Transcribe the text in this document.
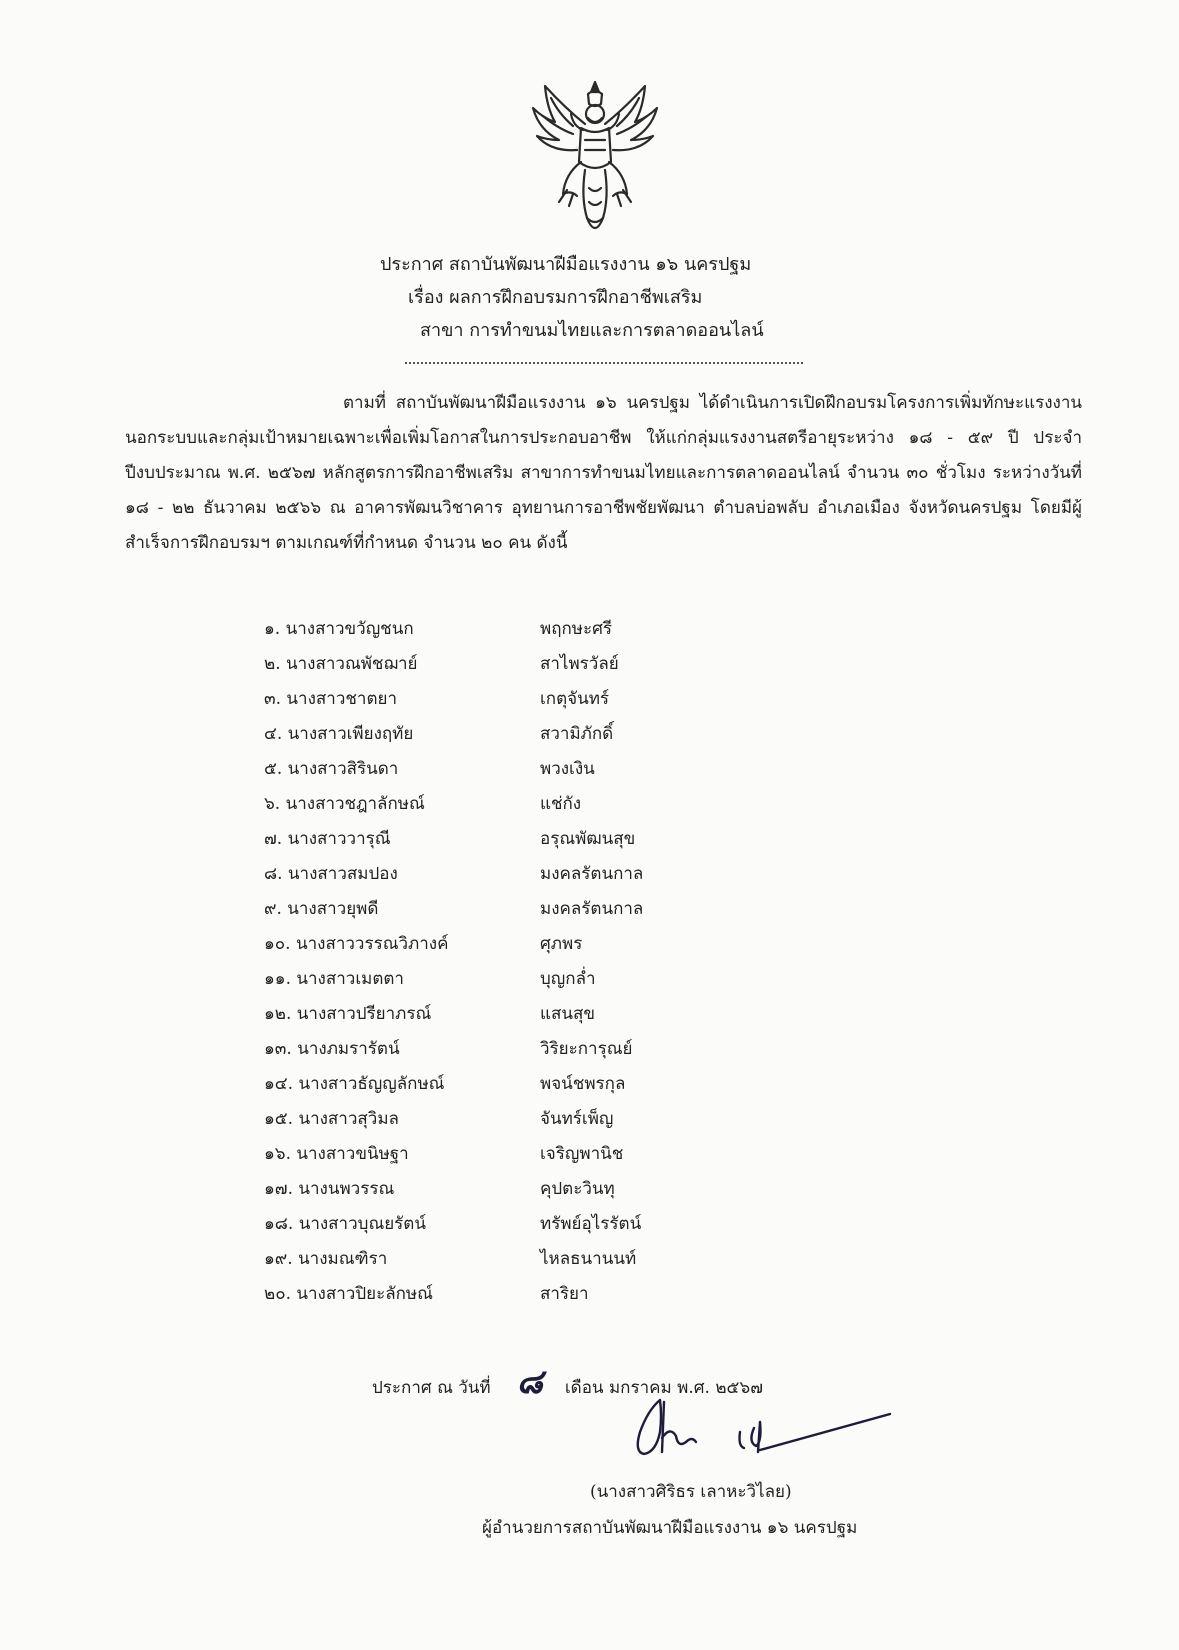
ประกาศ สถาบันพัฒนาฝีมือแรงงาน ๑๖ นครปฐม
เรื่อง ผลการฝึกอบรมการฝึกอาชีพเสริม
สาขา การทำขนมไทยและการตลาดออนไลน์
ตามที่ สถาบันพัฒนาฝีมือแรงงาน ๑๖ นครปฐม ได้ดำเนินการเปิดฝึกอบรมโครงการเพิ่มทักษะแรงงานนอกระบบและกลุ่มเป้าหมายเฉพาะเพื่อเพิ่มโอกาสในการประกอบอาชีพ ให้แก่กลุ่มแรงงานสตรีอายุระหว่าง ๑๘ - ๕๙ ปี ประจำปีงบประมาณ พ.ศ. ๒๕๖๗ หลักสูตรการฝึกอาชีพเสริม สาขาการทำขนมไทยและการตลาดออนไลน์ จำนวน ๓๐ ชั่วโมง ระหว่างวันที่ ๑๘ - ๒๒ ธันวาคม ๒๕๖๖ ณ อาคารพัฒนวิชาคาร อุทยานการอาชีพชัยพัฒนา ตำบลบ่อพลับ อำเภอเมือง จังหวัดนครปฐม โดยมีผู้สำเร็จการฝึกอบรมฯ ตามเกณฑ์ที่กำหนด จำนวน ๒๐ คน ดังนี้
๑. นางสาวขวัญชนก	พฤกษะศรี
๒. นางสาวณพัชฌาย์	สาไพรวัลย์
๓. นางสาวชาตยา	เกตุจันทร์
๔. นางสาวเพียงฤทัย	สวามิภักดิ์
๕. นางสาวสิรินดา	พวงเงิน
๖. นางสาวชฎาลักษณ์	แช่กัง
๗. นางสาววารุณี	อรุณพัฒนสุข
๘. นางสาวสมปอง	มงคลรัตนกาล
๙. นางสาวยุพดี	มงคลรัตนกาล
๑๐. นางสาววรรณวิภางค์	ศุภพร
๑๑. นางสาวเมตตา	บุญกล่ำ
๑๒. นางสาวปรียาภรณ์	แสนสุข
๑๓. นางภมรารัตน์	วิริยะการุณย์
๑๔. นางสาวธัญญลักษณ์	พจน์ชพรกุล
๑๕. นางสาวสุวิมล	จันทร์เพ็ญ
๑๖. นางสาวขนิษฐา	เจริญพานิช
๑๗. นางนพวรรณ	คุปตะวินทุ
๑๘. นางสาวบุณยรัตน์	ทรัพย์อุไรรัตน์
๑๙. นางมณฑิรา	ไหลธนานนท์
๒๐. นางสาวปิยะลักษณ์	สาริยา
ประกาศ ณ วันที่ ๘ เดือน มกราคม พ.ศ. ๒๕๖๗
(นางสาวศิริธร เลาหะวิไลย)
ผู้อำนวยการสถาบันพัฒนาฝีมือแรงงาน ๑๖ นครปฐม
